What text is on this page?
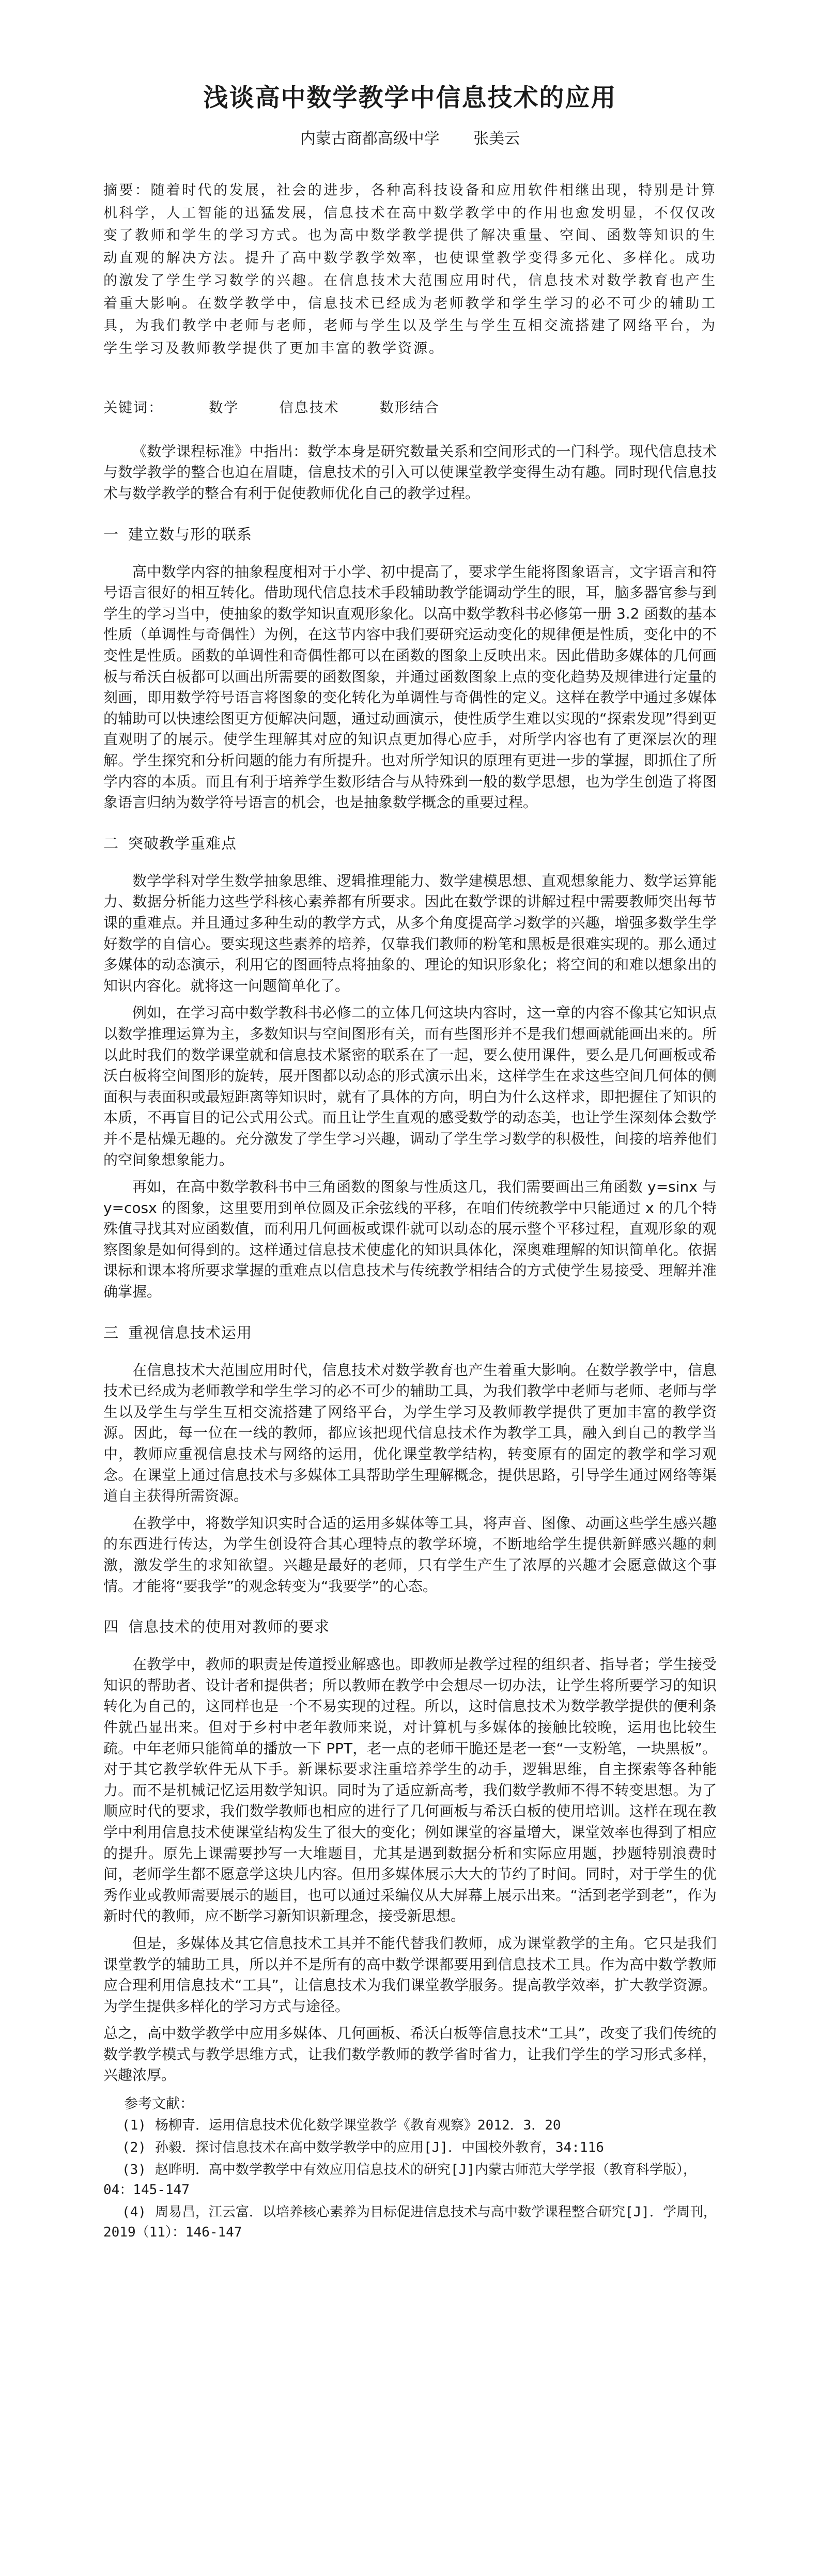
浅谈高中数学教学中信息技术的应用
内蒙古商都高级中学 张美云

摘要：随着时代的发展，社会的进步，各种高科技设备和应用软件相继出现，特别是计算机科学，人工智能的迅猛发展，信息技术在高中数学教学中的作用也愈发明显，不仅仅改变了教师和学生的学习方式。也为高中数学教学提供了解决重量、空间、函数等知识的生动直观的解决方法。提升了高中数学教学效率，也使课堂教学变得多元化、多样化。成功的激发了学生学习数学的兴趣。在信息技术大范围应用时代，信息技术对数学教育也产生着重大影响。在数学教学中，信息技术已经成为老师教学和学生学习的必不可少的辅助工具，为我们教学中老师与老师，老师与学生以及学生与学生互相交流搭建了网络平台，为学生学习及教师教学提供了更加丰富的教学资源。

关键词：	数学	信息技术	数形结合

《数学课程标准》中指出：数学本身是研究数量关系和空间形式的一门科学。现代信息技术与数学教学的整合也迫在眉睫，信息技术的引入可以使课堂教学变得生动有趣。同时现代信息技术与数学教学的整合有利于促使教师优化自己的教学过程。

一 建立数与形的联系

高中数学内容的抽象程度相对于小学、初中提高了，要求学生能将图象语言，文字语言和符号语言很好的相互转化。借助现代信息技术手段辅助教学能调动学生的眼，耳，脑多器官参与到学生的学习当中，使抽象的数学知识直观形象化。以高中数学教科书必修第一册 3.2 函数的基本性质（单调性与奇偶性）为例，在这节内容中我们要研究运动变化的规律便是性质，变化中的不变性是性质。函数的单调性和奇偶性都可以在函数的图象上反映出来。因此借助多媒体的几何画板与希沃白板都可以画出所需要的函数图象，并通过函数图象上点的变化趋势及规律进行定量的刻画，即用数学符号语言将图象的变化转化为单调性与奇偶性的定义。这样在教学中通过多媒体的辅助可以快速绘图更方便解决问题，通过动画演示，使性质学生难以实现的“探索发现”得到更直观明了的展示。使学生理解其对应的知识点更加得心应手，对所学内容也有了更深层次的理解。学生探究和分析问题的能力有所提升。也对所学知识的原理有更进一步的掌握，即抓住了所学内容的本质。而且有利于培养学生数形结合与从特殊到一般的数学思想，也为学生创造了将图象语言归纳为数学符号语言的机会，也是抽象数学概念的重要过程。

二 突破教学重难点

数学学科对学生数学抽象思维、逻辑推理能力、数学建模思想、直观想象能力、数学运算能力、数据分析能力这些学科核心素养都有所要求。因此在数学课的讲解过程中需要教师突出每节课的重难点。并且通过多种生动的教学方式，从多个角度提高学习数学的兴趣，增强多数学生学好数学的自信心。要实现这些素养的培养，仅靠我们教师的粉笔和黑板是很难实现的。那么通过多媒体的动态演示，利用它的图画特点将抽象的、理论的知识形象化；将空间的和难以想象出的知识内容化。就将这一问题简单化了。

例如，在学习高中数学教科书必修二的立体几何这块内容时，这一章的内容不像其它知识点以数学推理运算为主，多数知识与空间图形有关，而有些图形并不是我们想画就能画出来的。所以此时我们的数学课堂就和信息技术紧密的联系在了一起，要么使用课件，要么是几何画板或希沃白板将空间图形的旋转，展开图都以动态的形式演示出来，这样学生在求这些空间几何体的侧面积与表面积或最短距离等知识时，就有了具体的方向，明白为什么这样求，即把握住了知识的本质，不再盲目的记公式用公式。而且让学生直观的感受数学的动态美，也让学生深刻体会数学并不是枯燥无趣的。充分激发了学生学习兴趣，调动了学生学习数学的积极性，间接的培养他们的空间象想象能力。

再如，在高中数学教科书中三角函数的图象与性质这几，我们需要画出三角函数 y=sinx 与 y=cosx 的图象，这里要用到单位圆及正余弦线的平移，在咱们传统教学中只能通过 x 的几个特殊值寻找其对应函数值，而利用几何画板或课件就可以动态的展示整个平移过程，直观形象的观察图象是如何得到的。这样通过信息技术使虚化的知识具体化，深奥难理解的知识简单化。依据课标和课本将所要求掌握的重难点以信息技术与传统教学相结合的方式使学生易接受、理解并准确掌握。

三 重视信息技术运用

在信息技术大范围应用时代，信息技术对数学教育也产生着重大影响。在数学教学中，信息技术已经成为老师教学和学生学习的必不可少的辅助工具，为我们教学中老师与老师、老师与学生以及学生与学生互相交流搭建了网络平台，为学生学习及教师教学提供了更加丰富的教学资源。因此，每一位在一线的教师，都应该把现代信息技术作为教学工具，融入到自己的教学当中，教师应重视信息技术与网络的运用，优化课堂教学结构，转变原有的固定的教学和学习观念。在课堂上通过信息技术与多媒体工具帮助学生理解概念，提供思路，引导学生通过网络等渠道自主获得所需资源。

在教学中，将数学知识实时合适的运用多媒体等工具，将声音、图像、动画这些学生感兴趣的东西进行传达，为学生创设符合其心理特点的教学环境，不断地给学生提供新鲜感兴趣的刺激，激发学生的求知欲望。兴趣是最好的老师，只有学生产生了浓厚的兴趣才会愿意做这个事情。才能将“要我学”的观念转变为“我要学”的心态。

四 信息技术的使用对教师的要求

在教学中，教师的职责是传道授业解惑也。即教师是教学过程的组织者、指导者；学生接受知识的帮助者、设计者和提供者；所以教师在教学中会想尽一切办法，让学生将所要学习的知识转化为自己的，这同样也是一个不易实现的过程。所以，这时信息技术为数学教学提供的便利条件就凸显出来。但对于乡村中老年教师来说，对计算机与多媒体的接触比较晚，运用也比较生疏。中年老师只能简单的播放一下 PPT，老一点的老师干脆还是老一套“一支粉笔，一块黑板”。对于其它教学软件无从下手。新课标要求注重培养学生的动手，逻辑思维，自主探索等各种能力。而不是机械记忆运用数学知识。同时为了适应新高考，我们数学教师不得不转变思想。为了顺应时代的要求，我们数学教师也相应的进行了几何画板与希沃白板的使用培训。这样在现在教学中利用信息技术使课堂结构发生了很大的变化；例如课堂的容量增大，课堂效率也得到了相应的提升。原先上课需要抄写一大堆题目，尤其是遇到数据分析和实际应用题，抄题特别浪费时间，老师学生都不愿意学这块儿内容。但用多媒体展示大大的节约了时间。同时，对于学生的优秀作业或教师需要展示的题目，也可以通过采编仪从大屏幕上展示出来。“活到老学到老”，作为新时代的教师，应不断学习新知识新理念，接受新思想。

但是，多媒体及其它信息技术工具并不能代替我们教师，成为课堂教学的主角。它只是我们课堂教学的辅助工具，所以并不是所有的高中数学课都要用到信息技术工具。作为高中数学教师应合理利用信息技术“工具”，让信息技术为我们课堂教学服务。提高教学效率，扩大教学资源。为学生提供多样化的学习方式与途径。

总之，高中数学教学中应用多媒体、几何画板、希沃白板等信息技术“工具”，改变了我们传统的数学教学模式与教学思维方式，让我们数学教师的教学省时省力，让我们学生的学习形式多样，兴趣浓厚。

参考文献：

(1) 杨柳青．运用信息技术优化数学课堂教学《教育观察》2012．3．20

(2) 孙毅．探讨信息技术在高中数学教学中的应用[J]．中国校外教育，34:116

(3) 赵晔明．高中数学教学中有效应用信息技术的研究[J]内蒙古师范大学学报（教育科学版），04：145-147

(4) 周易昌，江云富．以培养核心素养为目标促进信息技术与高中数学课程整合研究[J]．学周刊，2019（11）：146-147
